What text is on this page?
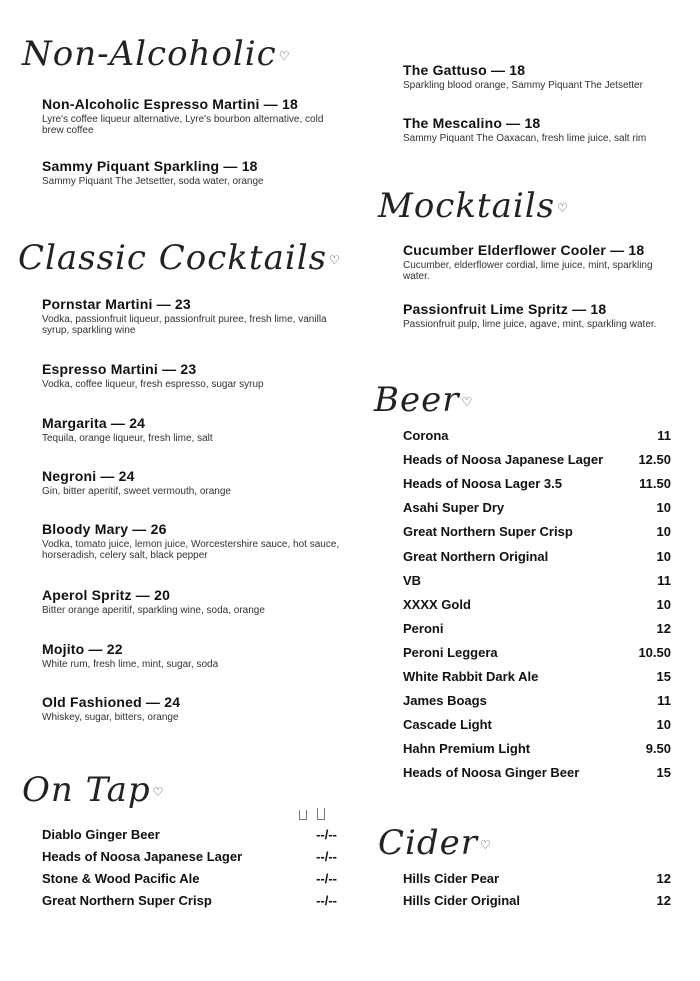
Non-Alcoholic ♡
Non-Alcoholic Espresso Martini — 18
Lyre's coffee liqueur alternative, Lyre's bourbon alternative, cold brew coffee
Sammy Piquant Sparkling — 18
Sammy Piquant The Jetsetter, soda water, orange
Classic Cocktails ♡
Pornstar Martini — 23
Vodka, passionfruit liqueur, passionfruit puree, fresh lime, vanilla syrup, sparkling wine
Espresso Martini — 23
Vodka, coffee liqueur, fresh espresso, sugar syrup
Margarita — 24
Tequila, orange liqueur, fresh lime, salt
Negroni — 24
Gin, bitter aperitif, sweet vermouth, orange
Bloody Mary — 26
Vodka, tomato juice, lemon juice, Worcestershire sauce, hot sauce, horseradish, celery salt, black pepper
Aperol Spritz — 20
Bitter orange aperitif, sparkling wine, soda, orange
Mojito — 22
White rum, fresh lime, mint, sugar, soda
Old Fashioned — 24
Whiskey, sugar, bitters, orange
On Tap ♡
Diablo Ginger Beer	--/--
Heads of Noosa Japanese Lager	--/--
Stone & Wood Pacific Ale	--/--
Great Northern Super Crisp	--/--
The Gattuso — 18
Sparkling blood orange, Sammy Piquant The Jetsetter
The Mescalino — 18
Sammy Piquant The Oaxacan, fresh lime juice, salt rim
Mocktails ♡
Cucumber Elderflower Cooler — 18
Cucumber, elderflower cordial, lime juice, mint, sparkling water.
Passionfruit Lime Spritz — 18
Passionfruit pulp, lime juice, agave, mint, sparkling water.
Beer ♡
Corona	11
Heads of Noosa Japanese Lager	12.50
Heads of Noosa Lager 3.5	11.50
Asahi Super Dry	10
Great Northern Super Crisp	10
Great Northern Original	10
VB	11
XXXX Gold	10
Peroni	12
Peroni Leggera	10.50
White Rabbit Dark Ale	15
James Boags	11
Cascade Light	10
Hahn Premium Light	9.50
Heads of Noosa Ginger Beer	15
Cider ♡
Hills Cider Pear	12
Hills Cider Original	12
